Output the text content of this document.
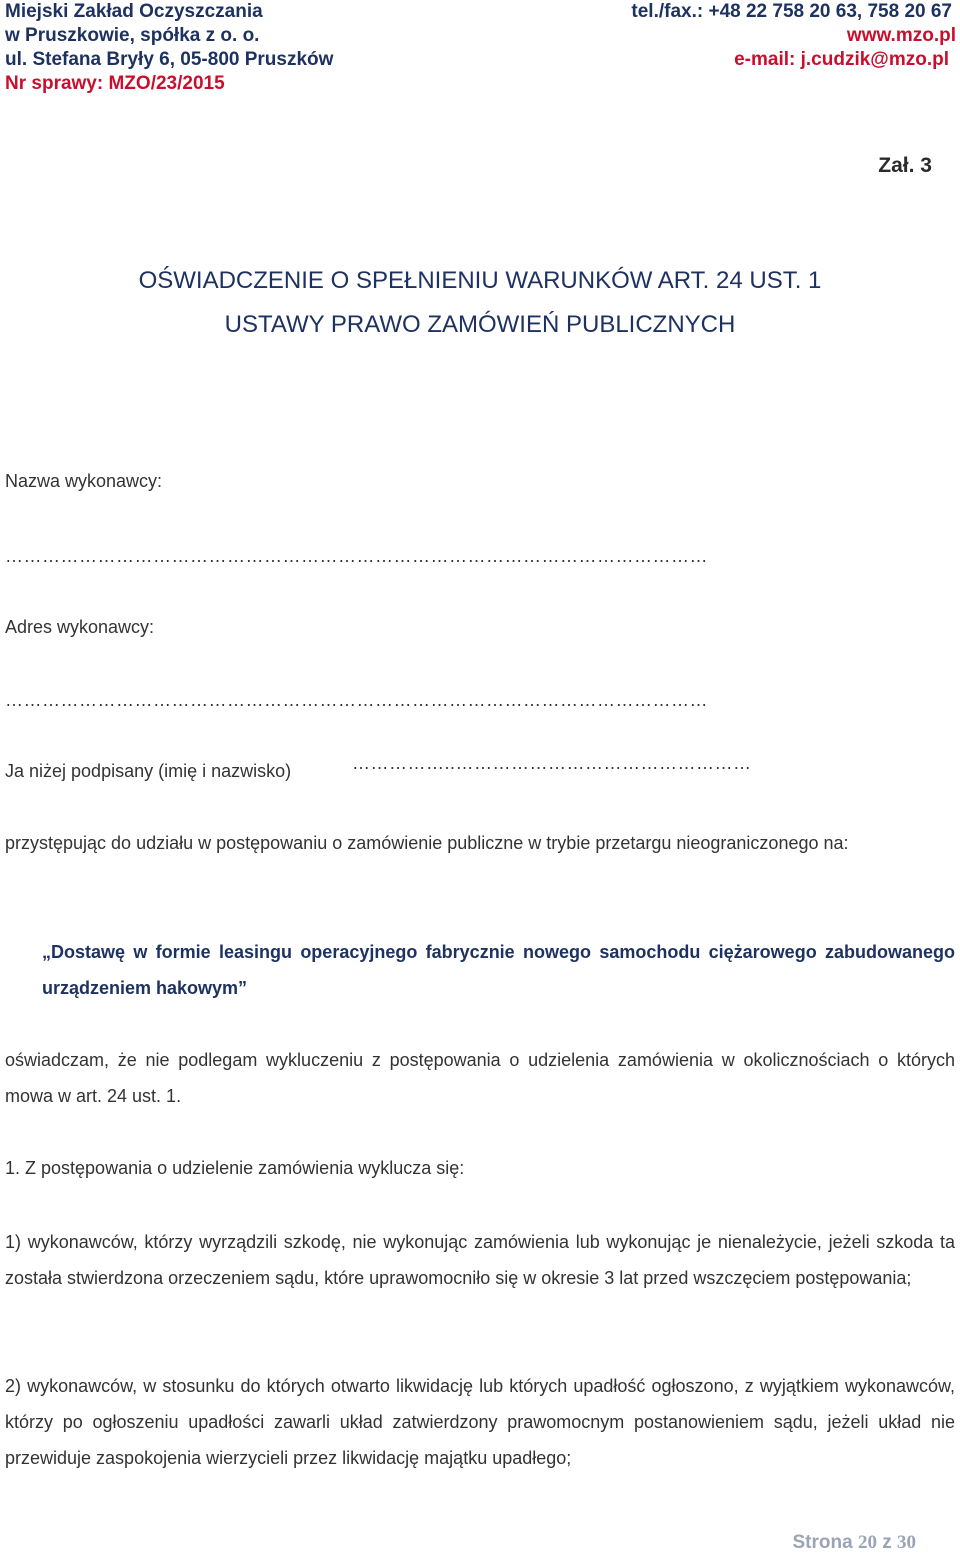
Miejski Zakład Oczyszczania
w Pruszkowie, spółka z o. o.
ul. Stefana Bryły 6, 05-800 Pruszków
Nr sprawy: MZO/23/2015
tel./fax.: +48 22 758 20 63, 758 20 67
www.mzo.pl
e-mail: j.cudzik@mzo.pl
Zał. 3
OŚWIADCZENIE O SPEŁNIENIU WARUNKÓW ART. 24 UST. 1
USTAWY PRAWO ZAMÓWIEŃ PUBLICZNYCH
Nazwa wykonawcy:
……………………………………………………………………………………………………
Adres wykonawcy:
……………………………………………………………………………………………………
Ja niżej podpisany (imię i nazwisko)	……………..…………………………………………
przystępując do udziału w postępowaniu o zamówienie publiczne w trybie przetargu nieograniczonego na:
„Dostawę w formie leasingu operacyjnego fabrycznie nowego samochodu ciężarowego zabudowanego urządzeniem hakowym”
oświadczam, że nie podlegam wykluczeniu z postępowania o udzielenia zamówienia w okolicznościach o których mowa w art. 24 ust. 1.
1. Z postępowania o udzielenie zamówienia wyklucza się:
1) wykonawców, którzy wyrządzili szkodę, nie wykonując zamówienia lub wykonując je nienależycie, jeżeli szkoda ta została stwierdzona orzeczeniem sądu, które uprawomocniło się w okresie 3 lat przed wszczęciem postępowania;
2) wykonawców, w stosunku do których otwarto likwidację lub których upadłość ogłoszono, z wyjątkiem wykonawców, którzy po ogłoszeniu upadłości zawarli układ zatwierdzony prawomocnym postanowieniem sądu, jeżeli układ nie przewiduje zaspokojenia wierzycieli przez likwidację majątku upadłego;
Strona 20 z 30
